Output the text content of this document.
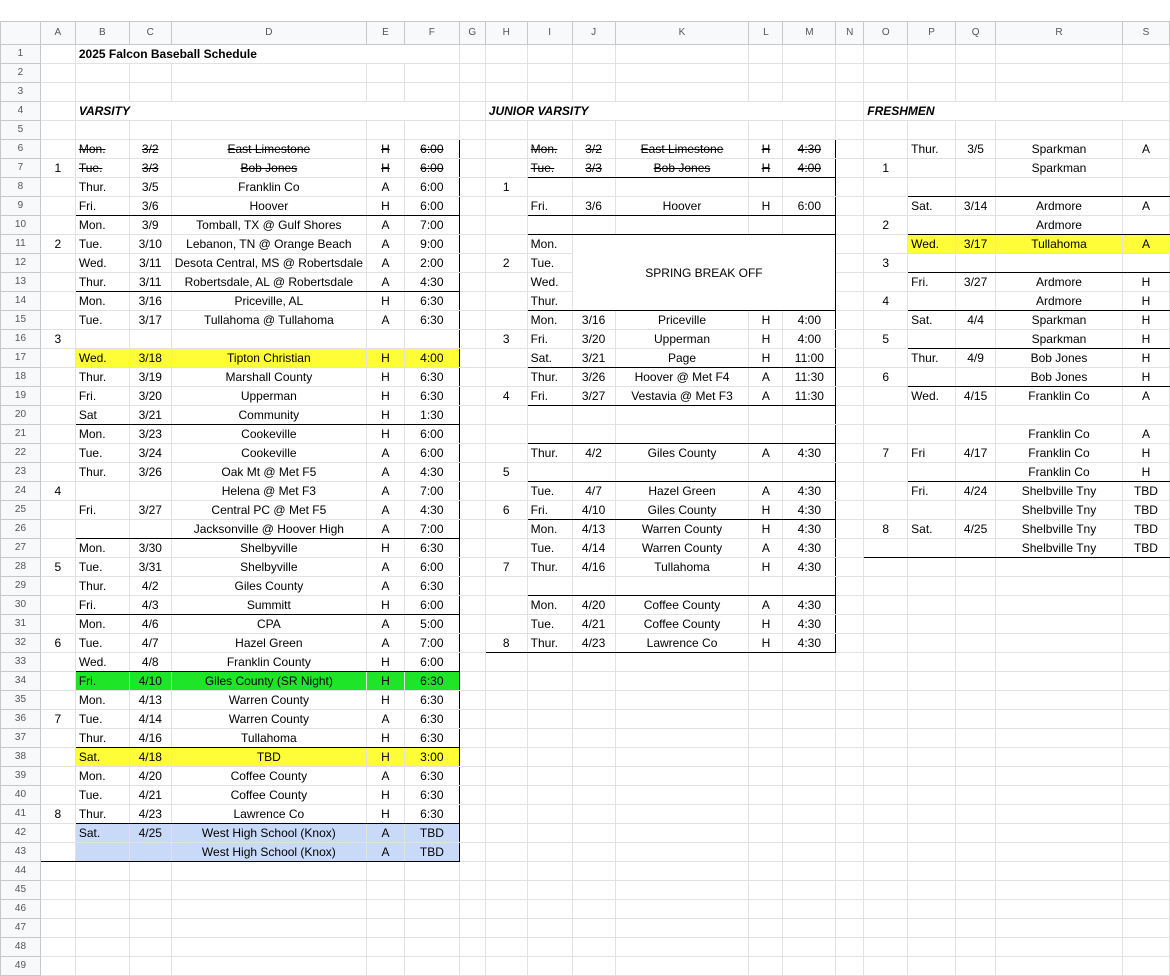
	A	B	C	D	E	F	G	H	I	J	K	L	M	N	O	P	Q	R	S
1		2025 Falcon Baseball Schedule																	
2																			
3																			
4		VARSITY						JUNIOR VARSITY							FRESHMEN				
5																			
6		Mon.	3/2	East Limestone	H	6:00			Mon.	3/2	East Limestone	H	4:30			Thur.	3/5	Sparkman	A
7	1	Tue.	3/3	Bob Jones	H	6:00			Tue.	3/3	Bob Jones	H	4:00		1			Sparkman	
8		Thur.	3/5	Franklin Co	A	6:00		1											
9		Fri.	3/6	Hoover	H	6:00			Fri.	3/6	Hoover	H	6:00			Sat.	3/14	Ardmore	A
10		Mon.	3/9	Tomball, TX @ Gulf Shores	A	7:00									2			Ardmore	
11	2	Tue.	3/10	Lebanon, TN @ Orange Beach	A	9:00			Mon.	SPRING BREAK OFF						Wed.	3/17	Tullahoma	A
12		Wed.	3/11	Desota Central, MS @ Robertsdale	A	2:00		2	Tue.						3				
13		Thur.	3/11	Robertsdale, AL @ Robertsdale	A	4:30			Wed.							Fri.	3/27	Ardmore	H
14		Mon.	3/16	Priceville, AL	H	6:30			Thur.						4			Ardmore	H
15		Tue.	3/17	Tullahoma @ Tullahoma	A	6:30			Mon.	3/16	Priceville	H	4:00			Sat.	4/4	Sparkman	H
16	3							3	Fri.	3/20	Upperman	H	4:00		5			Sparkman	H
17		Wed.	3/18	Tipton Christian	H	4:00			Sat.	3/21	Page	H	11:00			Thur.	4/9	Bob Jones	H
18		Thur.	3/19	Marshall County	H	6:30			Thur.	3/26	Hoover @ Met F4	A	11:30		6			Bob Jones	H
19		Fri.	3/20	Upperman	H	6:30		4	Fri.	3/27	Vestavia @ Met F3	A	11:30			Wed.	4/15	Franklin Co	A
20		Sat	3/21	Community	H	1:30													
21		Mon.	3/23	Cookeville	H	6:00												Franklin Co	A
22		Tue.	3/24	Cookeville	A	6:00			Thur.	4/2	Giles County	A	4:30		7	Fri	4/17	Franklin Co	H
23		Thur.	3/26	Oak Mt @ Met F5	A	4:30		5										Franklin Co	H
24	4			Helena @ Met F3	A	7:00			Tue.	4/7	Hazel Green	A	4:30			Fri.	4/24	Shelbville Tny	TBD
25		Fri.	3/27	Central PC @ Met F5	A	4:30		6	Fri.	4/10	Giles County	H	4:30					Shelbville Tny	TBD
26				Jacksonville @ Hoover High	A	7:00			Mon.	4/13	Warren County	H	4:30		8	Sat.	4/25	Shelbville Tny	TBD
27		Mon.	3/30	Shelbyville	H	6:30			Tue.	4/14	Warren County	A	4:30					Shelbville Tny	TBD
28	5	Tue.	3/31	Shelbyville	A	6:00		7	Thur.	4/16	Tullahoma	H	4:30						
29		Thur.	4/2	Giles County	A	6:30													
30		Fri.	4/3	Summitt	H	6:00			Mon.	4/20	Coffee County	A	4:30						
31		Mon.	4/6	CPA	A	5:00			Tue.	4/21	Coffee County	H	4:30						
32	6	Tue.	4/7	Hazel Green	A	7:00		8	Thur.	4/23	Lawrence Co	H	4:30						
33		Wed.	4/8	Franklin County	H	6:00													
34		Fri.	4/10	Giles County (SR Night)	H	6:30													
35		Mon.	4/13	Warren County	H	6:30													
36	7	Tue.	4/14	Warren County	A	6:30													
37		Thur.	4/16	Tullahoma	H	6:30													
38		Sat.	4/18	TBD	H	3:00													
39		Mon.	4/20	Coffee County	A	6:30													
40		Tue.	4/21	Coffee County	H	6:30													
41	8	Thur.	4/23	Lawrence Co	H	6:30													
42		Sat.	4/25	West High School (Knox)	A	TBD													
43				West High School (Knox)	A	TBD													
44																			
45																			
46																			
47																			
48																			
49																			
